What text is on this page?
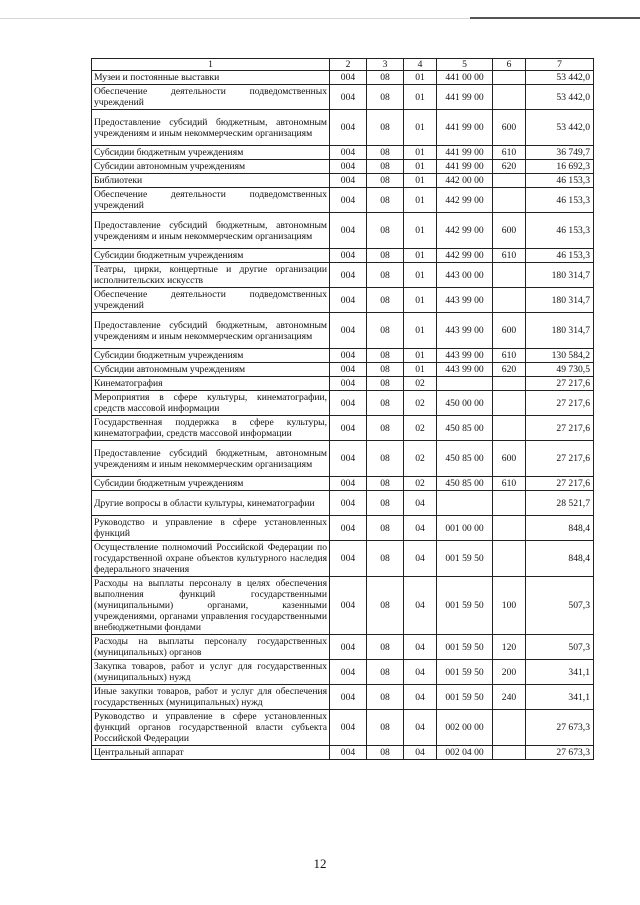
1	2	3	4	5	6	7
Музеи и постоянные выставки	004	08	01	441 00 00		53 442,0
Обеспечение деятельности подведомственных учреждений	004	08	01	441 99 00		53 442,0
Предоставление субсидий бюджетным, автономным учреждениям и иным некоммерческим организациям	004	08	01	441 99 00	600	53 442,0
Субсидии бюджетным учреждениям	004	08	01	441 99 00	610	36 749,7
Субсидии автономным учреждениям	004	08	01	441 99 00	620	16 692,3
Библиотеки	004	08	01	442 00 00		46 153,3
Обеспечение деятельности подведомственных учреждений	004	08	01	442 99 00		46 153,3
Предоставление субсидий бюджетным, автономным учреждениям и иным некоммерческим организациям	004	08	01	442 99 00	600	46 153,3
Субсидии бюджетным учреждениям	004	08	01	442 99 00	610	46 153,3
Театры, цирки, концертные и другие организации исполнительских искусств	004	08	01	443 00 00		180 314,7
Обеспечение деятельности подведомственных учреждений	004	08	01	443 99 00		180 314,7
Предоставление субсидий бюджетным, автономным учреждениям и иным некоммерческим организациям	004	08	01	443 99 00	600	180 314,7
Субсидии бюджетным учреждениям	004	08	01	443 99 00	610	130 584,2
Субсидии автономным учреждениям	004	08	01	443 99 00	620	49 730,5
Кинематография	004	08	02			27 217,6
Мероприятия в сфере культуры, кинематографии, средств массовой информации	004	08	02	450 00 00		27 217,6
Государственная поддержка в сфере культуры, кинематографии, средств массовой информации	004	08	02	450 85 00		27 217,6
Предоставление субсидий бюджетным, автономным учреждениям и иным некоммерческим организациям	004	08	02	450 85 00	600	27 217,6
Субсидии бюджетным учреждениям	004	08	02	450 85 00	610	27 217,6
Другие вопросы в области культуры, кинематографии	004	08	04			28 521,7
Руководство и управление в сфере установленных функций	004	08	04	001 00 00		848,4
Осуществление полномочий Российской Федерации по государственной охране объектов культурного наследия федерального значения	004	08	04	001 59 50		848,4
Расходы на выплаты персоналу в целях обеспечения выполнения функций государственными (муниципальными) органами, казенными учреждениями, органами управления государственными внебюджетными фондами	004	08	04	001 59 50	100	507,3
Расходы на выплаты персоналу государственных (муниципальных) органов	004	08	04	001 59 50	120	507,3
Закупка товаров, работ и услуг для государственных (муниципальных) нужд	004	08	04	001 59 50	200	341,1
Иные закупки товаров, работ и услуг для обеспечения государственных (муниципальных) нужд	004	08	04	001 59 50	240	341,1
Руководство и управление в сфере установленных функций органов государственной власти субъекта Российской Федерации	004	08	04	002 00 00		27 673,3
Центральный аппарат	004	08	04	002 04 00		27 673,3
12
